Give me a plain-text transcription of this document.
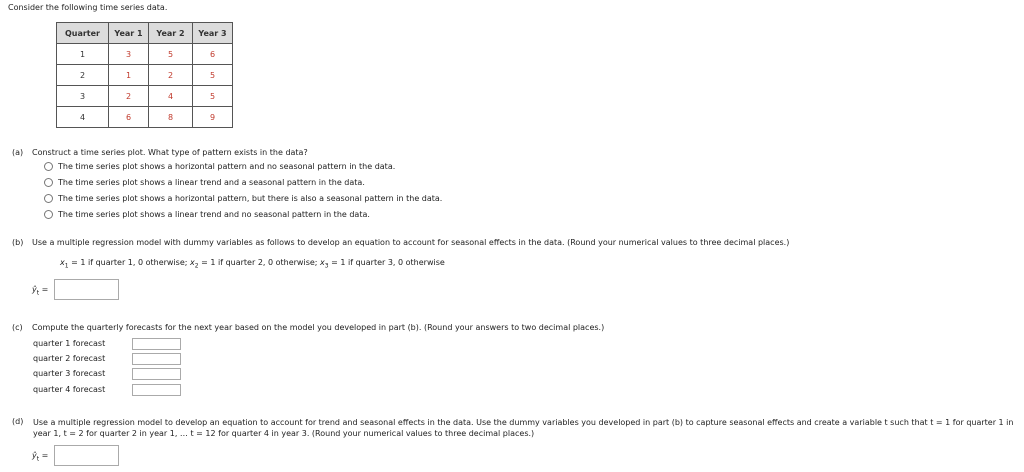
Consider the following time series data.
Quarter	Year 1	Year 2	Year 3
1	3	5	6
2	1	2	5
3	2	4	5
4	6	8	9
(a) Construct a time series plot. What type of pattern exists in the data?
The time series plot shows a horizontal pattern and no seasonal pattern in the data.
The time series plot shows a linear trend and a seasonal pattern in the data.
The time series plot shows a horizontal pattern, but there is also a seasonal pattern in the data.
The time series plot shows a linear trend and no seasonal pattern in the data.
(b) Use a multiple regression model with dummy variables as follows to develop an equation to account for seasonal effects in the data. (Round your numerical values to three decimal places.)
$x_1 = 1$ if quarter 1, 0 otherwise; $x_2 = 1$ if quarter 2, 0 otherwise; $x_3 = 1$ if quarter 3, 0 otherwise
$ŷ_t$ =
(c) Compute the quarterly forecasts for the next year based on the model you developed in part (b). (Round your answers to two decimal places.)
quarter 1 forecast
quarter 2 forecast
quarter 3 forecast
quarter 4 forecast
(d) Use a multiple regression model to develop an equation to account for trend and seasonal effects in the data. Use the dummy variables you developed in part (b) to capture seasonal effects and create a variable t such that t = 1 for quarter 1 in year 1, t = 2 for quarter 2 in year 1, … t = 12 for quarter 4 in year 3. (Round your numerical values to three decimal places.)
$ŷ_t$ =
